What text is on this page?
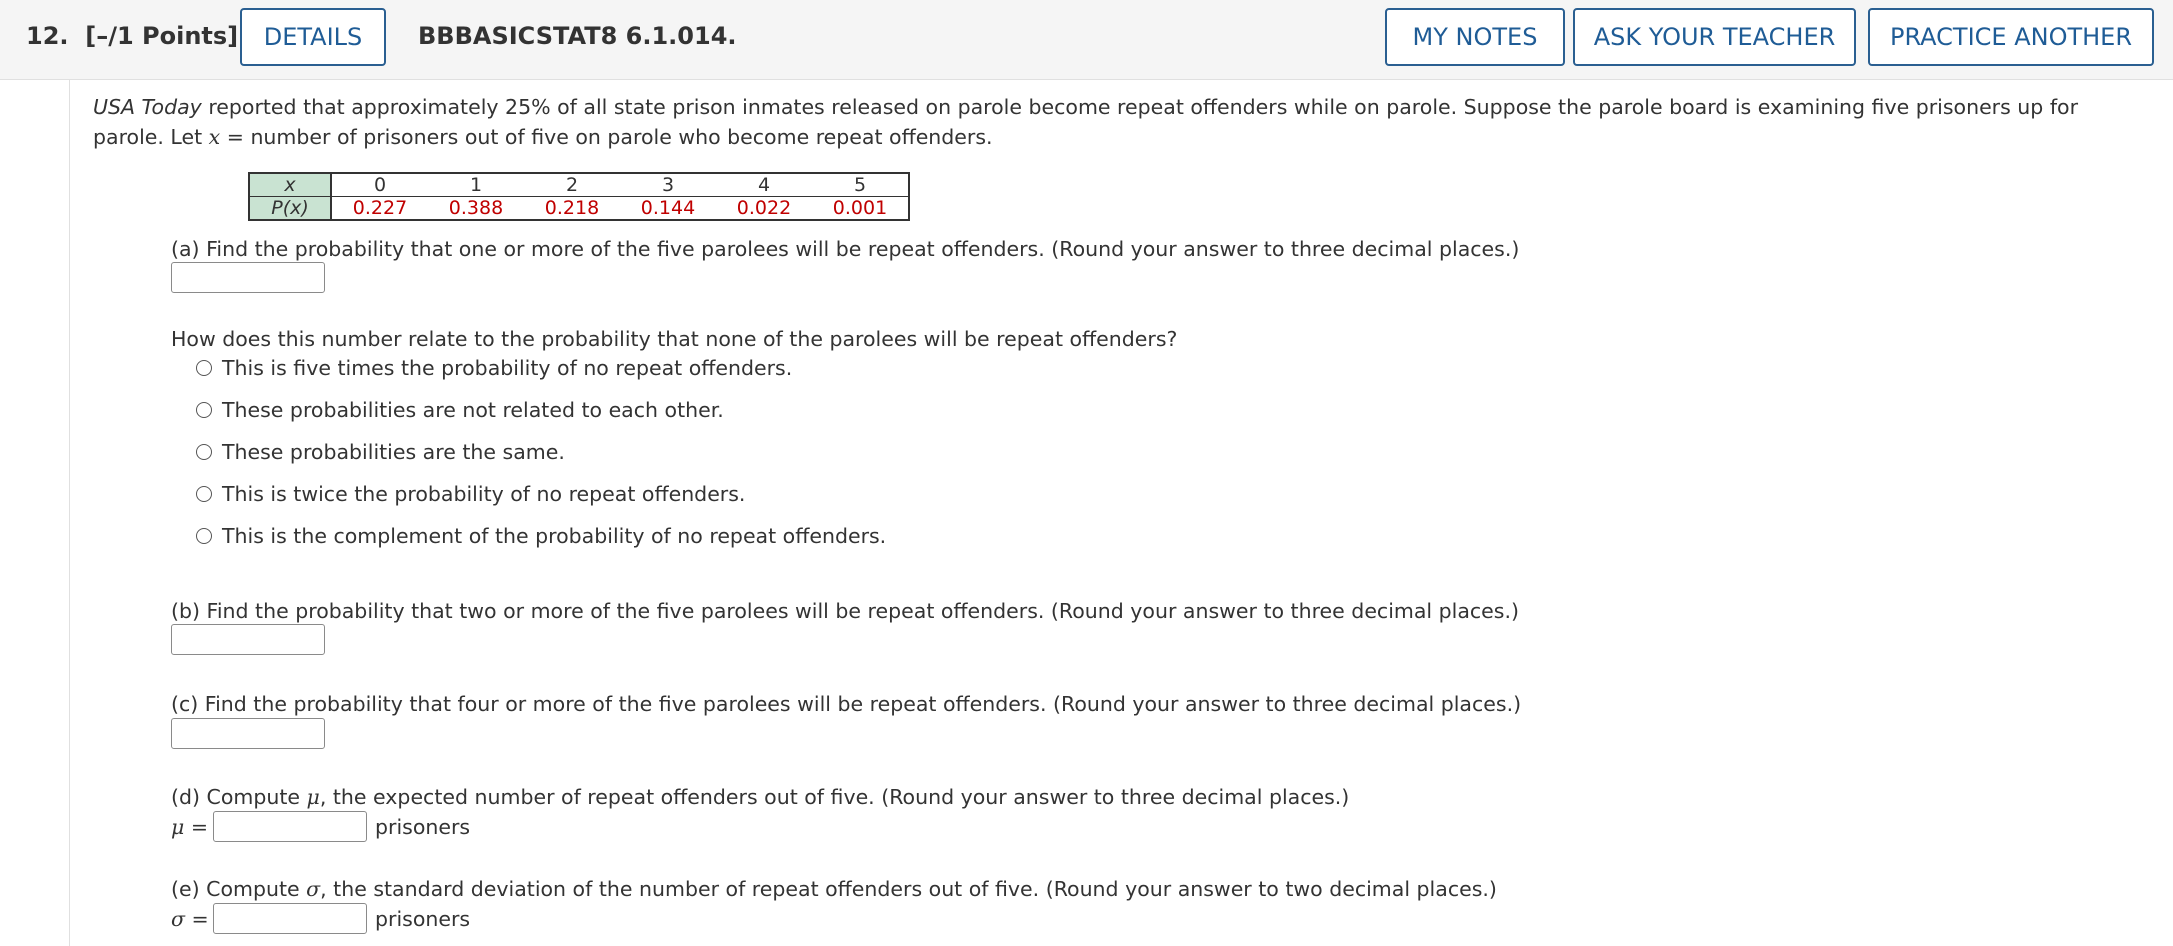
12. [–/1 Points]	DETAILS	BBBASICSTAT8 6.1.014.	MY NOTES	ASK YOUR TEACHER	PRACTICE ANOTHER
USA Today reported that approximately 25% of all state prison inmates released on parole become repeat offenders while on parole. Suppose the parole board is examining five prisoners up for parole. Let x = number of prisoners out of five on parole who become repeat offenders.
x	0	1	2	3	4	5
P(x)	0.227	0.388	0.218	0.144	0.022	0.001
(a) Find the probability that one or more of the five parolees will be repeat offenders. (Round your answer to three decimal places.)
How does this number relate to the probability that none of the parolees will be repeat offenders?
This is five times the probability of no repeat offenders.
These probabilities are not related to each other.
These probabilities are the same.
This is twice the probability of no repeat offenders.
This is the complement of the probability of no repeat offenders.
(b) Find the probability that two or more of the five parolees will be repeat offenders. (Round your answer to three decimal places.)
(c) Find the probability that four or more of the five parolees will be repeat offenders. (Round your answer to three decimal places.)
(d) Compute μ, the expected number of repeat offenders out of five. (Round your answer to three decimal places.)
μ =	prisoners
(e) Compute σ, the standard deviation of the number of repeat offenders out of five. (Round your answer to two decimal places.)
σ =	prisoners
